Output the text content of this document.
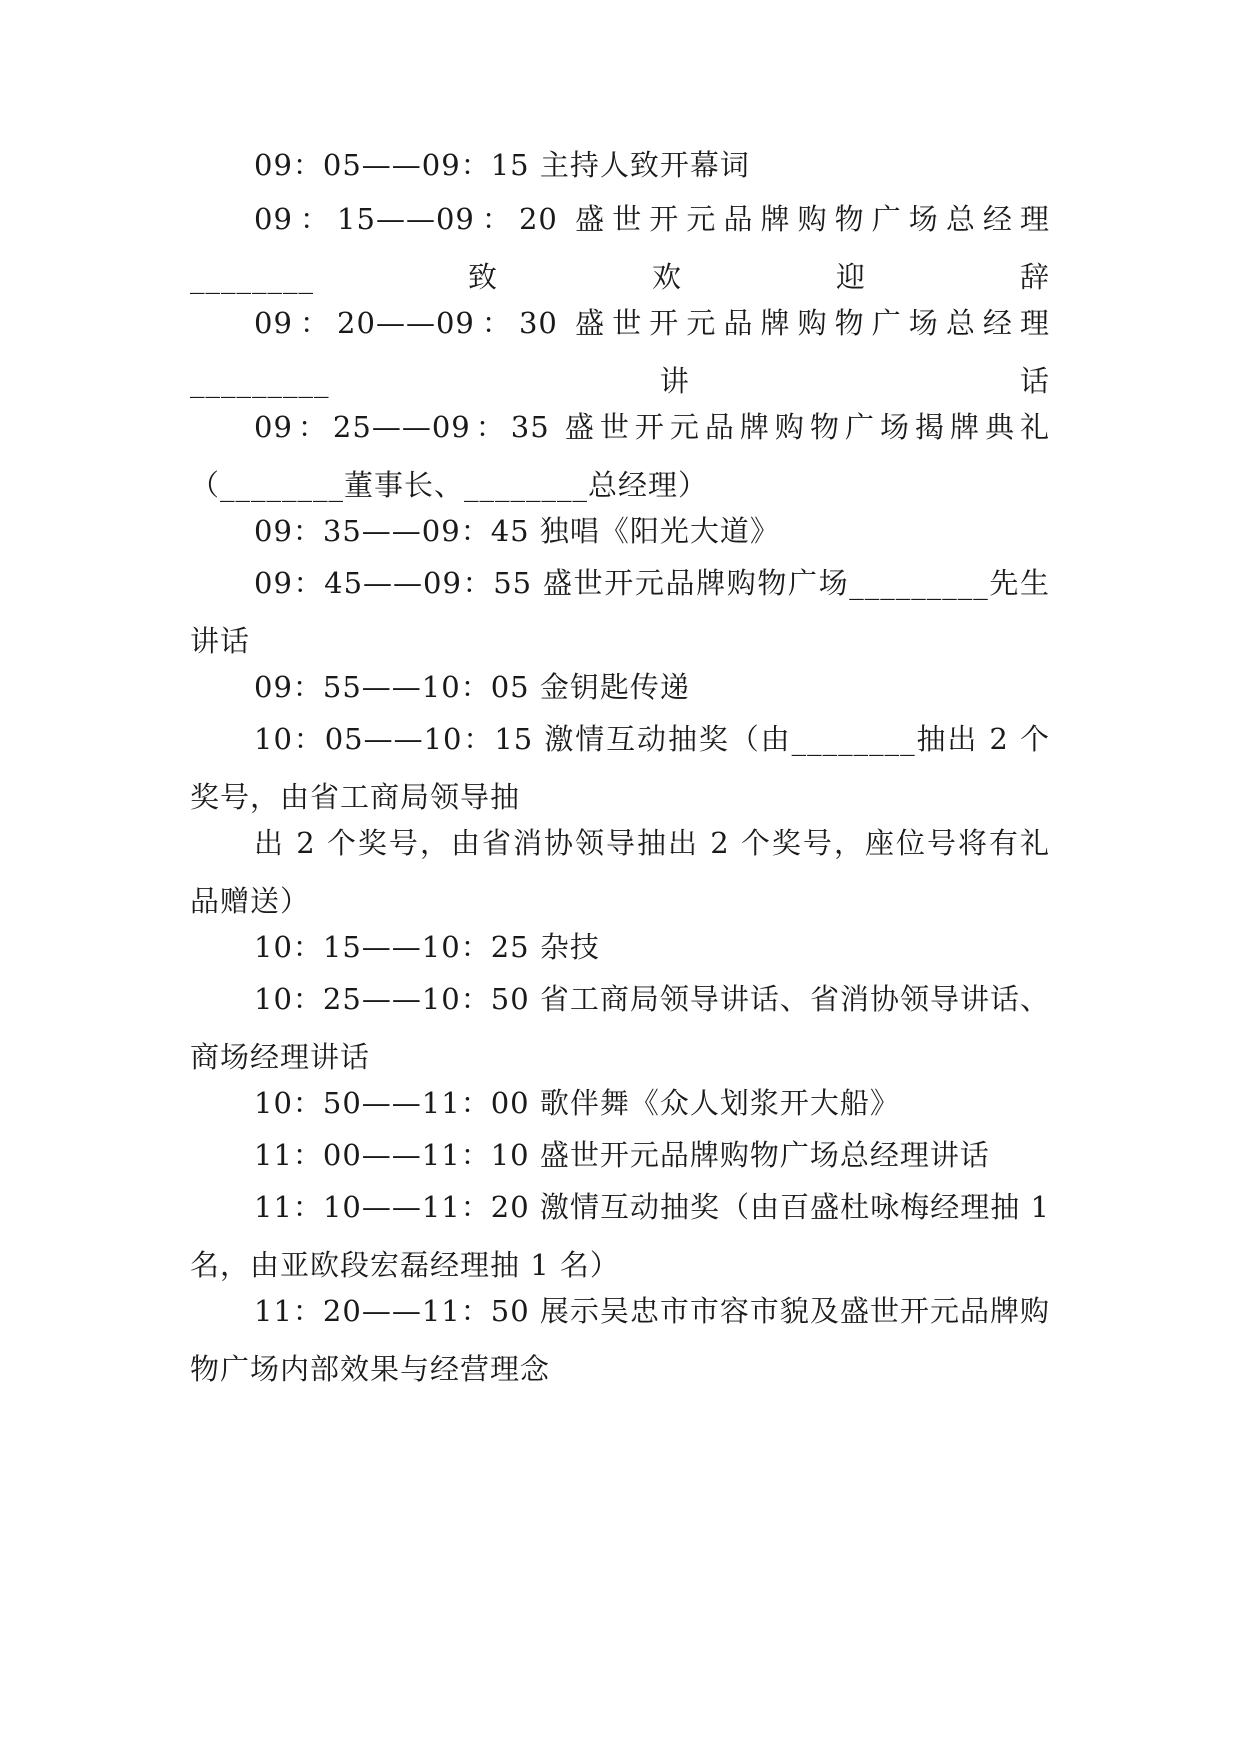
09：05——09：15 主持人致开幕词

09：15——09：20 盛世开元品牌购物广场总经理________致欢迎辞

09：20——09：30 盛世开元品牌购物广场总经理_________讲话

09：25——09：35 盛世开元品牌购物广场揭牌典礼（________董事长、________总经理）

09：35——09：45 独唱《阳光大道》

09：45——09：55 盛世开元品牌购物广场_________先生讲话

09：55——10：05 金钥匙传递

10：05——10：15 激情互动抽奖（由________抽出 2 个奖号，由省工商局领导抽

出 2 个奖号，由省消协领导抽出 2 个奖号，座位号将有礼品赠送）

10：15——10：25 杂技

10：25——10：50 省工商局领导讲话、省消协领导讲话、商场经理讲话

10：50——11：00 歌伴舞《众人划浆开大船》

11：00——11：10 盛世开元品牌购物广场总经理讲话

11：10——11：20 激情互动抽奖（由百盛杜咏梅经理抽 1 名，由亚欧段宏磊经理抽 1 名）

11：20——11：50 展示吴忠市市容市貌及盛世开元品牌购物广场内部效果与经营理念
